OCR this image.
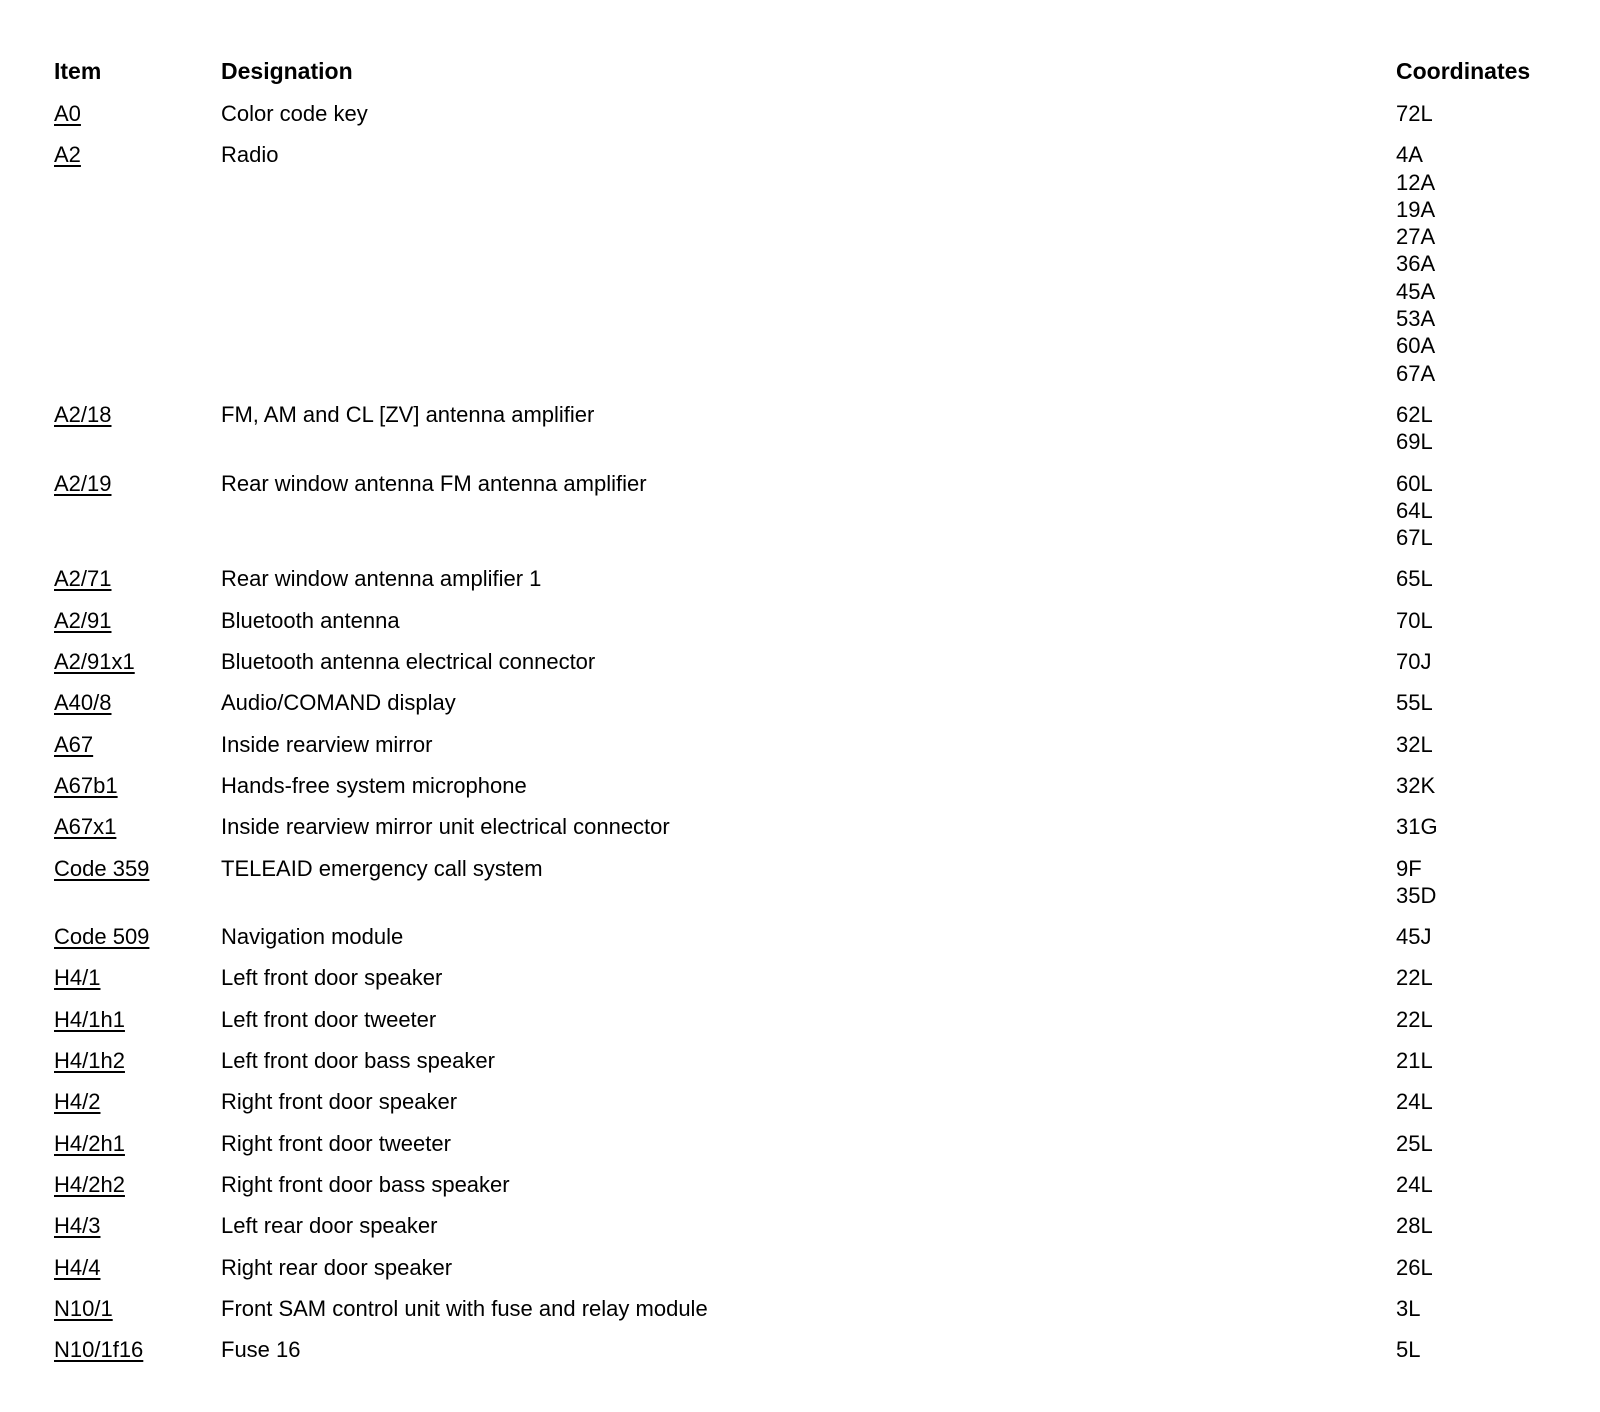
Item	Designation	Coordinates
A0	Color code key	72L
A2	Radio	4A
12A
19A
27A
36A
45A
53A
60A
67A
A2/18	FM, AM and CL [ZV] antenna amplifier	62L
69L
A2/19	Rear window antenna FM antenna amplifier	60L
64L
67L
A2/71	Rear window antenna amplifier 1	65L
A2/91	Bluetooth antenna	70L
A2/91x1	Bluetooth antenna electrical connector	70J
A40/8	Audio/COMAND display	55L
A67	Inside rearview mirror	32L
A67b1	Hands-free system microphone	32K
A67x1	Inside rearview mirror unit electrical connector	31G
Code 359	TELEAID emergency call system	9F
35D
Code 509	Navigation module	45J
H4/1	Left front door speaker	22L
H4/1h1	Left front door tweeter	22L
H4/1h2	Left front door bass speaker	21L
H4/2	Right front door speaker	24L
H4/2h1	Right front door tweeter	25L
H4/2h2	Right front door bass speaker	24L
H4/3	Left rear door speaker	28L
H4/4	Right rear door speaker	26L
N10/1	Front SAM control unit with fuse and relay module	3L
N10/1f16	Fuse 16	5L
